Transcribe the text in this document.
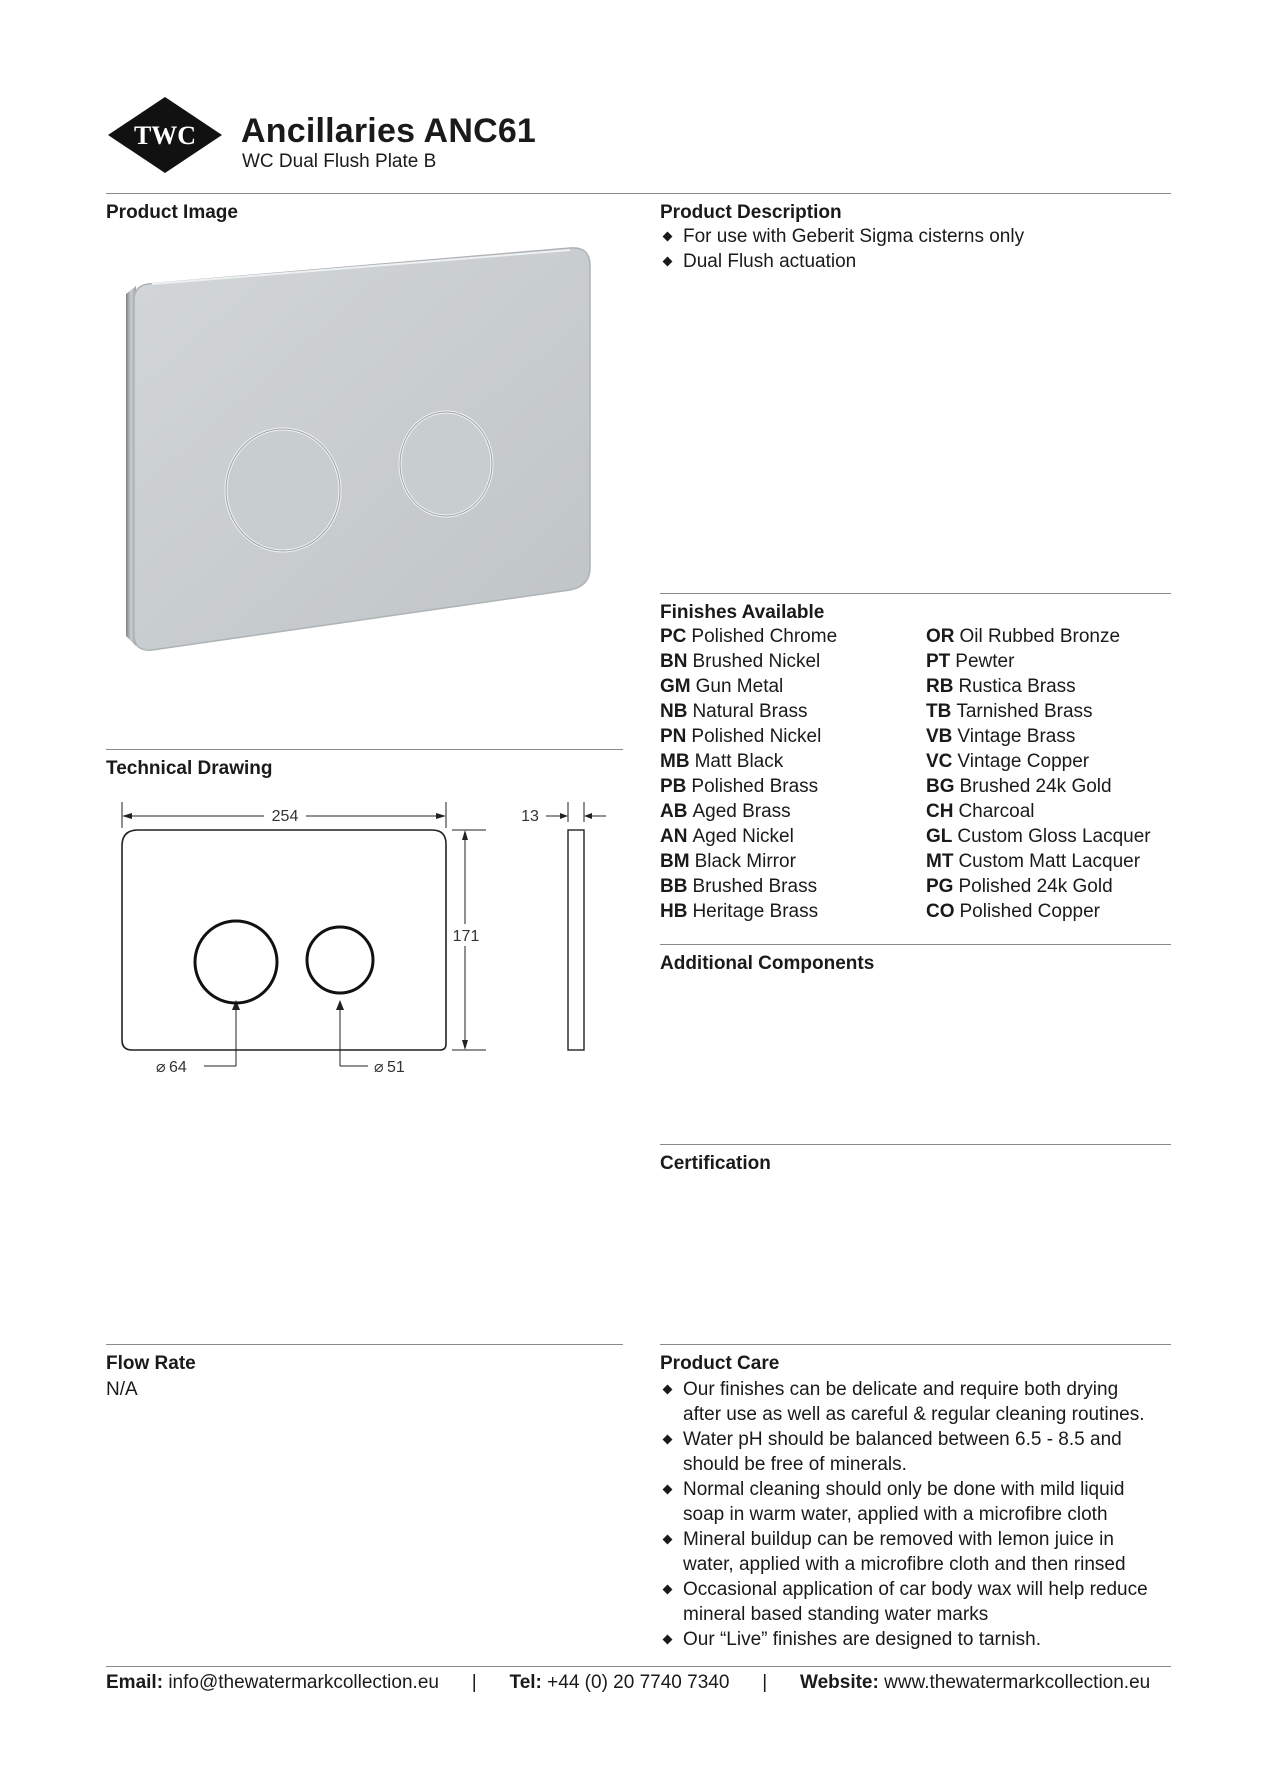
TWC Ancillaries ANC61
WC Dual Flush Plate B
Product Image
Technical Drawing
254	13
171
⌀ 64	⌀ 51
Flow Rate
N/A
Product Description
For use with Geberit Sigma cisterns only
Dual Flush actuation
Finishes Available
PC Polished Chrome
BN Brushed Nickel
GM Gun Metal
NB Natural Brass
PN Polished Nickel
MB Matt Black
PB Polished Brass
AB Aged Brass
AN Aged Nickel
BM Black Mirror
BB Brushed Brass
HB Heritage Brass
OR Oil Rubbed Bronze
PT Pewter
RB Rustica Brass
TB Tarnished Brass
VB Vintage Brass
VC Vintage Copper
BG Brushed 24k Gold
CH Charcoal
GL Custom Gloss Lacquer
MT Custom Matt Lacquer
PG Polished 24k Gold
CO Polished Copper
Additional Components
Certification
Product Care
Our finishes can be delicate and require both drying
after use as well as careful & regular cleaning routines.
Water pH should be balanced between 6.5 - 8.5 and
should be free of minerals.
Normal cleaning should only be done with mild liquid
soap in warm water, applied with a microfibre cloth
Mineral buildup can be removed with lemon juice in
water, applied with a microfibre cloth and then rinsed
Occasional application of car body wax will help reduce
mineral based standing water marks
Our “Live” finishes are designed to tarnish.
Email: info@thewatermarkcollection.eu | Tel: +44 (0) 20 7740 7340 | Website: www.thewatermarkcollection.eu
